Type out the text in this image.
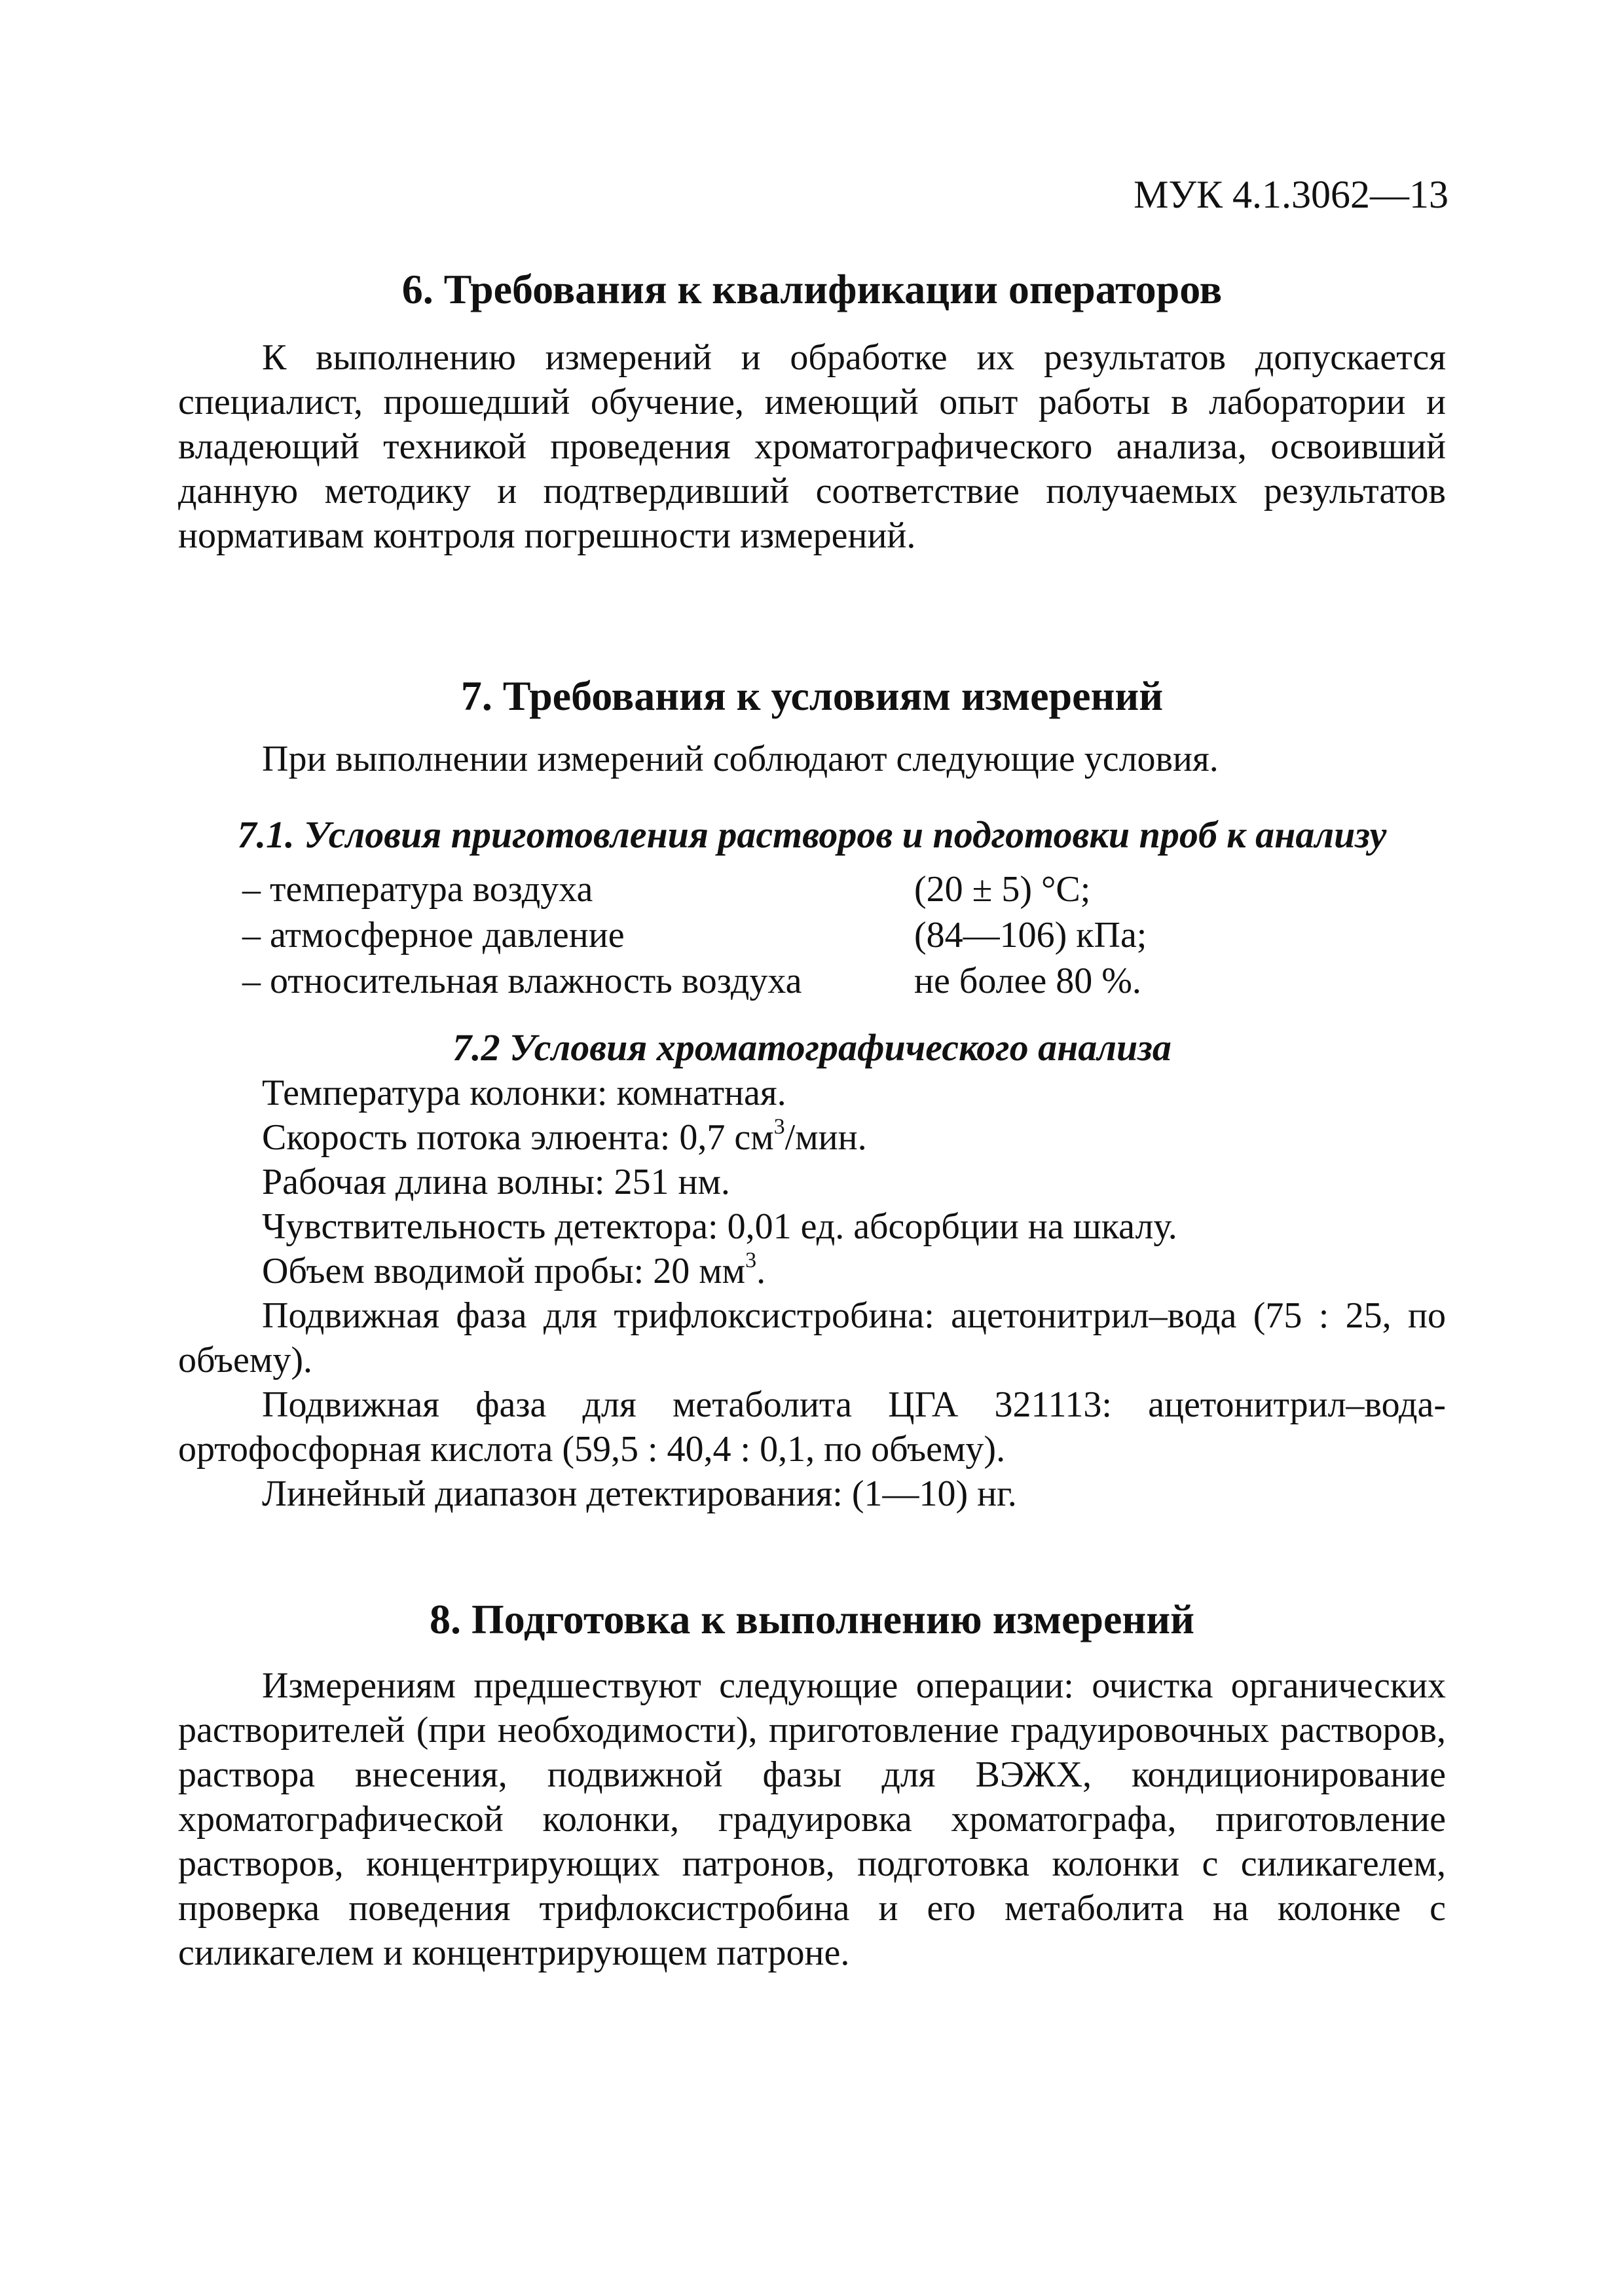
МУК 4.1.3062—13
6. Требования к квалификации операторов

К выполнению измерений и обработке их результатов допускается специалист, прошедший обучение, имеющий опыт работы в лаборатории и владеющий техникой проведения хроматографического анализа, освоивший данную методику и подтвердивший соответствие получаемых результатов нормативам контроля погрешности измерений.

7. Требования к условиям измерений
При выполнении измерений соблюдают следующие условия.
7.1. Условия приготовления растворов и подготовки проб к анализу
– температура воздуха	(20 ± 5) °С;
– атмосферное давление	(84—106) кПа;
– относительная влажность воздуха	не более 80 %.
7.2 Условия хроматографического анализа

Температура колонки: комнатная.

Скорость потока элюента: 0,7 $см^3$/мин.

Рабочая длина волны: 251 нм.

Чувствительность детектора: 0,01 ед. абсорбции на шкалу.

Объем вводимой пробы: 20 $мм^3$.

Подвижная фаза для трифлоксистробина: ацетонитрил–вода (75 : 25, по объему).

Подвижная фаза для метаболита ЦГА 321113: ацетонитрил–вода-ортофосфорная кислота (59,5 : 40,4 : 0,1, по объему).

Линейный диапазон детектирования: (1—10) нг.

8. Подготовка к выполнению измерений

Измерениям предшествуют следующие операции: очистка органических растворителей (при необходимости), приготовление градуировочных растворов, раствора внесения, подвижной фазы для ВЭЖХ, кондиционирование хроматографической колонки, градуировка хроматографа, приготовление растворов, концентрирующих патронов, подготовка колонки с силикагелем, проверка поведения трифлоксистробина и его метаболита на колонке с силикагелем и концентрирующем патроне.
